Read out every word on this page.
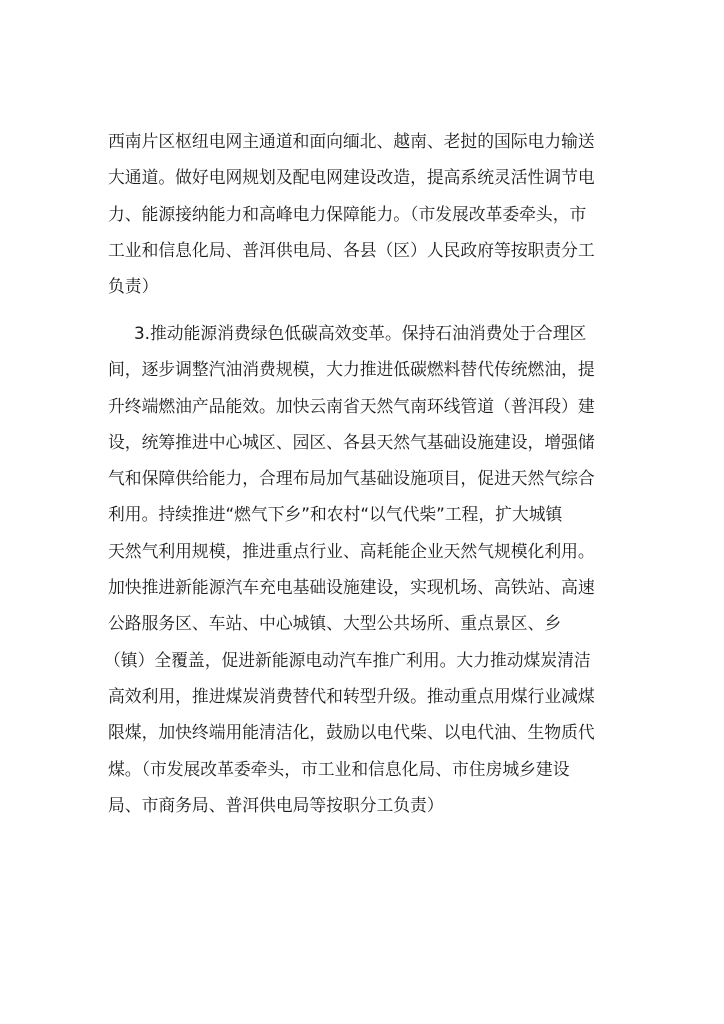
西南片区枢纽电网主通道和面向缅北、越南、老挝的国际电力输送
大通道。做好电网规划及配电网建设改造，提高系统灵活性调节电
力、能源接纳能力和高峰电力保障能力。（市发展改革委牵头，市
工业和信息化局、普洱供电局、各县（区）人民政府等按职责分工
负责）
3.推动能源消费绿色低碳高效变革。保持石油消费处于合理区
间，逐步调整汽油消费规模，大力推进低碳燃料替代传统燃油，提
升终端燃油产品能效。加快云南省天然气南环线管道（普洱段）建
设，统筹推进中心城区、园区、各县天然气基础设施建设，增强储
气和保障供给能力，合理布局加气基础设施项目，促进天然气综合
利用。持续推进“燃气下乡”和农村“以气代柴”工程，扩大城镇
天然气利用规模，推进重点行业、高耗能企业天然气规模化利用。
加快推进新能源汽车充电基础设施建设，实现机场、高铁站、高速
公路服务区、车站、中心城镇、大型公共场所、重点景区、乡
（镇）全覆盖，促进新能源电动汽车推广利用。大力推动煤炭清洁
高效利用，推进煤炭消费替代和转型升级。推动重点用煤行业减煤
限煤，加快终端用能清洁化，鼓励以电代柴、以电代油、生物质代
煤。（市发展改革委牵头，市工业和信息化局、市住房城乡建设
局、市商务局、普洱供电局等按职分工负责）
